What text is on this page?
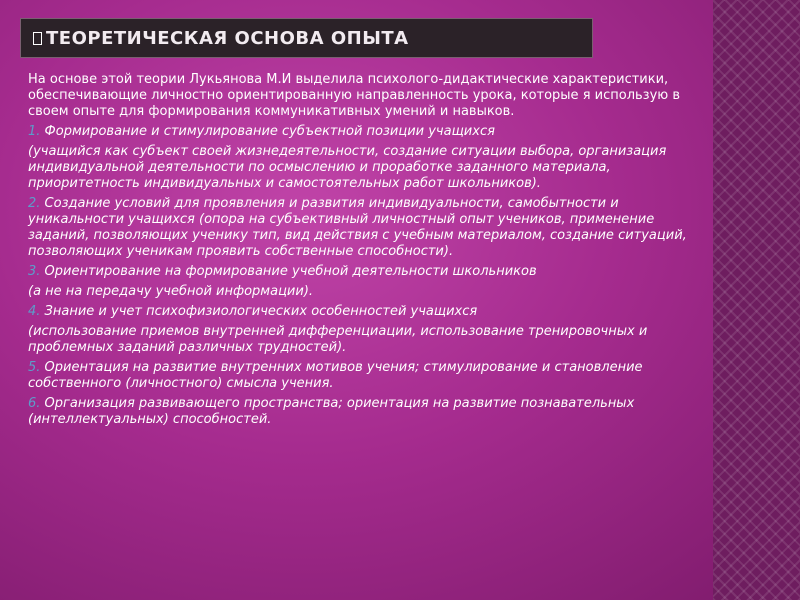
ТЕОРЕТИЧЕСКАЯ ОСНОВА ОПЫТА

На основе этой теории Лукьянова М.И выделила психолого-дидактические характеристики, обеспечивающие личностно ориентированную направленность урока, которые я использую в своем опыте для формирования коммуникативных умений и навыков.

1. Формирование и стимулирование субъектной позиции учащихся

(учащийся как субъект своей жизнедеятельности, создание ситуации выбора, организация индивидуальной деятельности по осмыслению и проработке заданного материала, приоритетность индивидуальных и самостоятельных работ школьников).

2. Создание условий для проявления и развития индивидуальности, самобытности и уникальности учащихся (опора на субъективный личностный опыт учеников, применение заданий, позволяющих ученику тип, вид действия с учебным материалом, создание ситуаций, позволяющих ученикам проявить собственные способности).

3. Ориентирование на формирование учебной деятельности школьников

(а не на передачу учебной информации).

4. Знание и учет психофизиологических особенностей учащихся

(использование приемов внутренней дифференциации, использование тренировочных и проблемных заданий различных трудностей).

5. Ориентация на развитие внутренних мотивов учения; стимулирование и становление собственного (личностного) смысла учения.

6. Организация развивающего пространства; ориентация на развитие познавательных (интеллектуальных) способностей.
